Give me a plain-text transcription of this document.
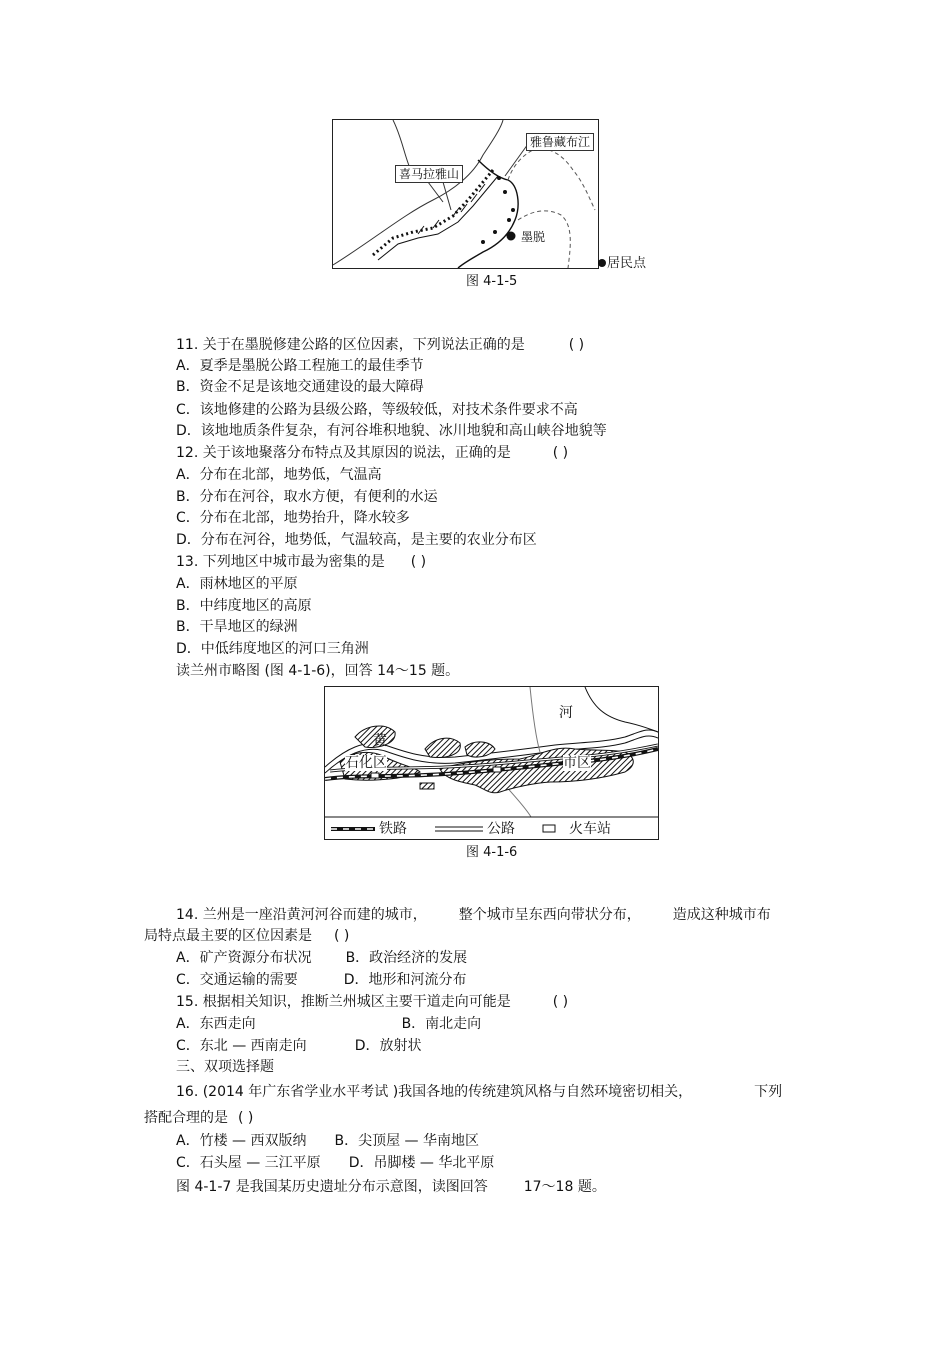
雅鲁藏布江
喜马拉雅山
墨脱
居民点
图 4-1-5
11. 关于在墨脱修建公路的区位因素，下列说法正确的是	( )
A．夏季是墨脱公路工程施工的最佳季节
B．资金不足是该地交通建设的最大障碍
C．该地修建的公路为县级公路，等级较低，对技术条件要求不高
D．该地地质条件复杂，有河谷堆积地貌、冰川地貌和高山峡谷地貌等
12. 关于该地聚落分布特点及其原因的说法，正确的是	( )
A．分布在北部，地势低，气温高
B．分布在河谷，取水方便，有便利的水运
C．分布在北部，地势抬升，降水较多
D．分布在河谷，地势低，气温较高，是主要的农业分布区
13. 下列地区中城市最为密集的是 ( )
A．雨林地区的平原
B．中纬度地区的高原
B．干旱地区的绿洲
D．中低纬度地区的河口三角洲
读兰州市略图 (图 4-1-6)，回答 14～15 题。
河
黄
石化区	市区
铁路	公路	火车站
图 4-1-6
14. 兰州是一座沿黄河河谷而建的城市， 整个城市呈东西向带状分布， 造成这种城市布
局特点最主要的区位因素是 ( )
A．矿产资源分布状况 B．政治经济的发展
C．交通运输的需要	D．地形和河流分布
15. 根据相关知识，推断兰州城区主要干道走向可能是	( )
A．东西走向	B．南北走向
C．东北 — 西南走向	D．放射状
三、双项选择题
16. (2014 年广东省学业水平考试 )我国各地的传统建筑风格与自然环境密切相关，	下列
搭配合理的是 ( )
A．竹楼 — 西双版纳 B．尖顶屋 — 华南地区
C．石头屋 — 三江平原 D．吊脚楼 — 华北平原
图 4-1-7 是我国某历史遗址分布示意图，读图回答	17～18 题。
